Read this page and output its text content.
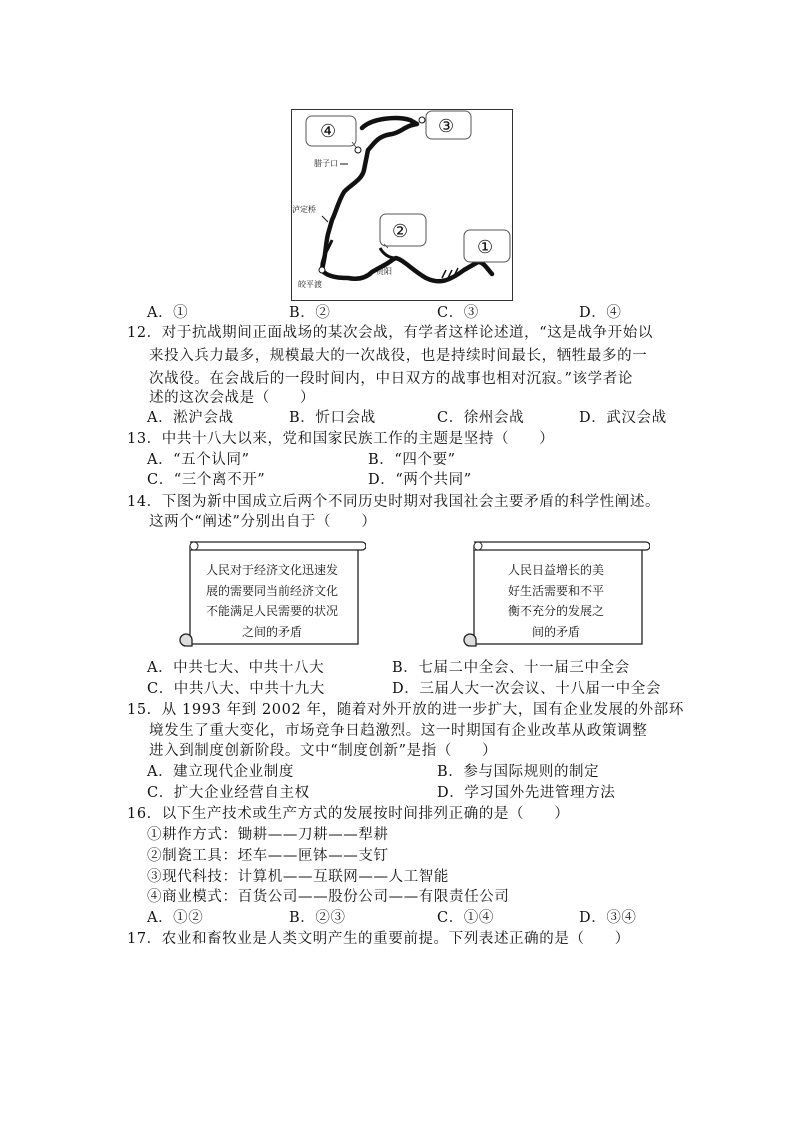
④	③
②
①
腊子口
泸定桥
贵阳
皎平渡
A．①	B．②	C．③	D．④
12．对于抗战期间正面战场的某次会战，有学者这样论述道，“这是战争开始以
来投入兵力最多，规模最大的一次战役，也是持续时间最长，牺牲最多的一
次战役。在会战后的一段时间内，中日双方的战事也相对沉寂。”该学者论
述的这次会战是（　　）
A．淞沪会战	B．忻口会战	C．徐州会战	D．武汉会战
13．中共十八大以来，党和国家民族工作的主题是坚持（　　）
A．“五个认同”	B．“四个要”
C．“三个离不开”	D．“两个共同”
14．下图为新中国成立后两个不同历史时期对我国社会主要矛盾的科学性阐述。
这两个“阐述”分别出自于（　　）
人民对于经济文化迅速发
展的需要同当前经济文化
不能满足人民需要的状况
之间的矛盾
人民日益增长的美
好生活需要和不平
衡不充分的发展之
间的矛盾
A．中共七大、中共十八大	B．七届二中全会、十一届三中全会
C．中共八大、中共十九大	D．三届人大一次会议、十八届一中全会
15．从 1993 年到 2002 年，随着对外开放的进一步扩大，国有企业发展的外部环
境发生了重大变化，市场竞争日趋激烈。这一时期国有企业改革从政策调整
进入到制度创新阶段。文中“制度创新”是指（　　）
A．建立现代企业制度	B．参与国际规则的制定
C．扩大企业经营自主权	D．学习国外先进管理方法
16．以下生产技术或生产方式的发展按时间排列正确的是（　　）
①耕作方式：锄耕——刀耕——犁耕
②制瓷工具：坯车——匣钵——支钉
③现代科技：计算机——互联网——人工智能
④商业模式：百货公司——股份公司——有限责任公司
A．①②	B．②③	C．①④	D．③④
17．农业和畜牧业是人类文明产生的重要前提。下列表述正确的是（　　）
